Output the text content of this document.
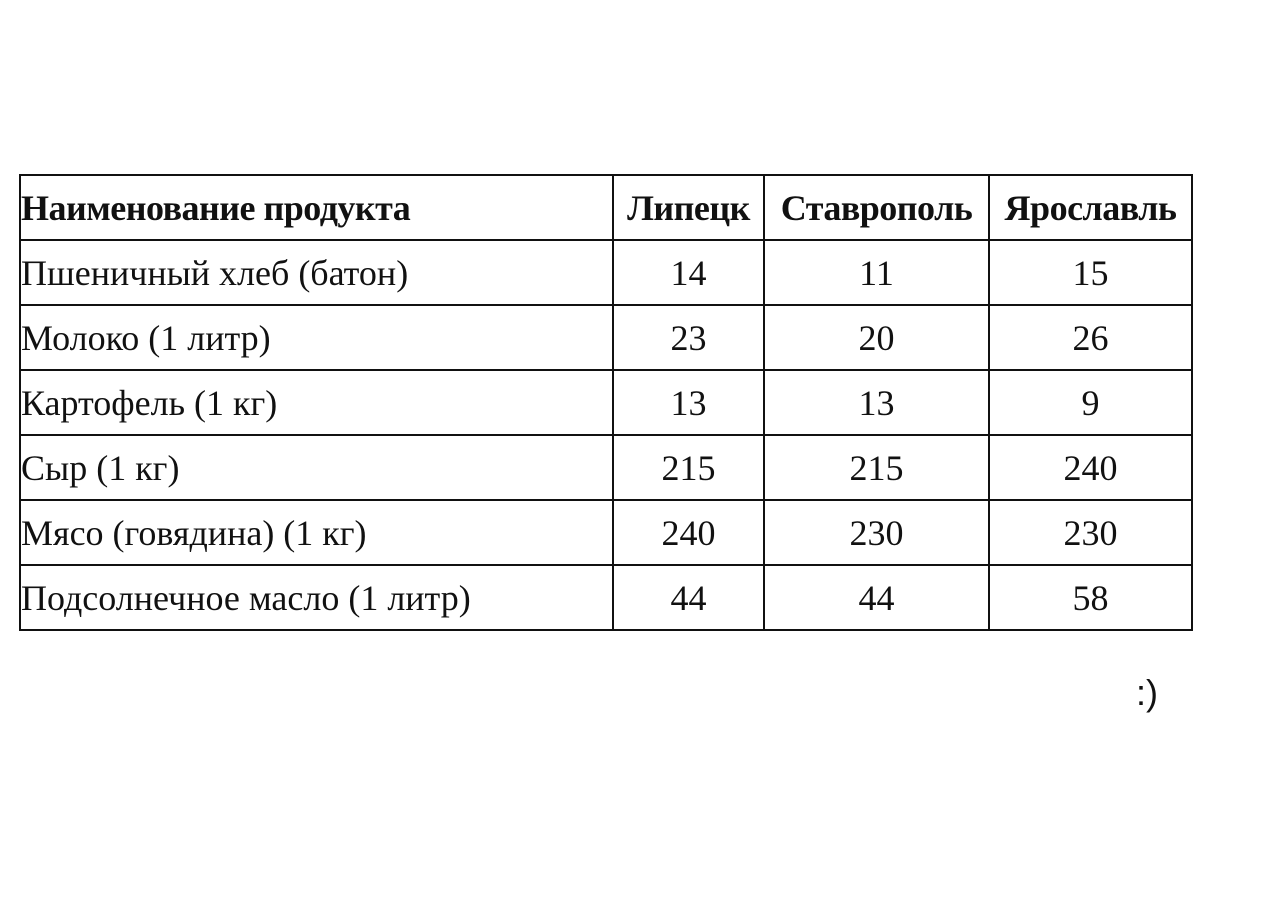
Наименование продукта	Липецк	Ставрополь	Ярославль
Пшеничный хлеб (батон)	14	11	15
Молоко (1 литр)	23	20	26
Картофель (1 кг)	13	13	9
Сыр (1 кг)	215	215	240
Мясо (говядина) (1 кг)	240	230	230
Подсолнечное масло (1 литр)	44	44	58
:)
